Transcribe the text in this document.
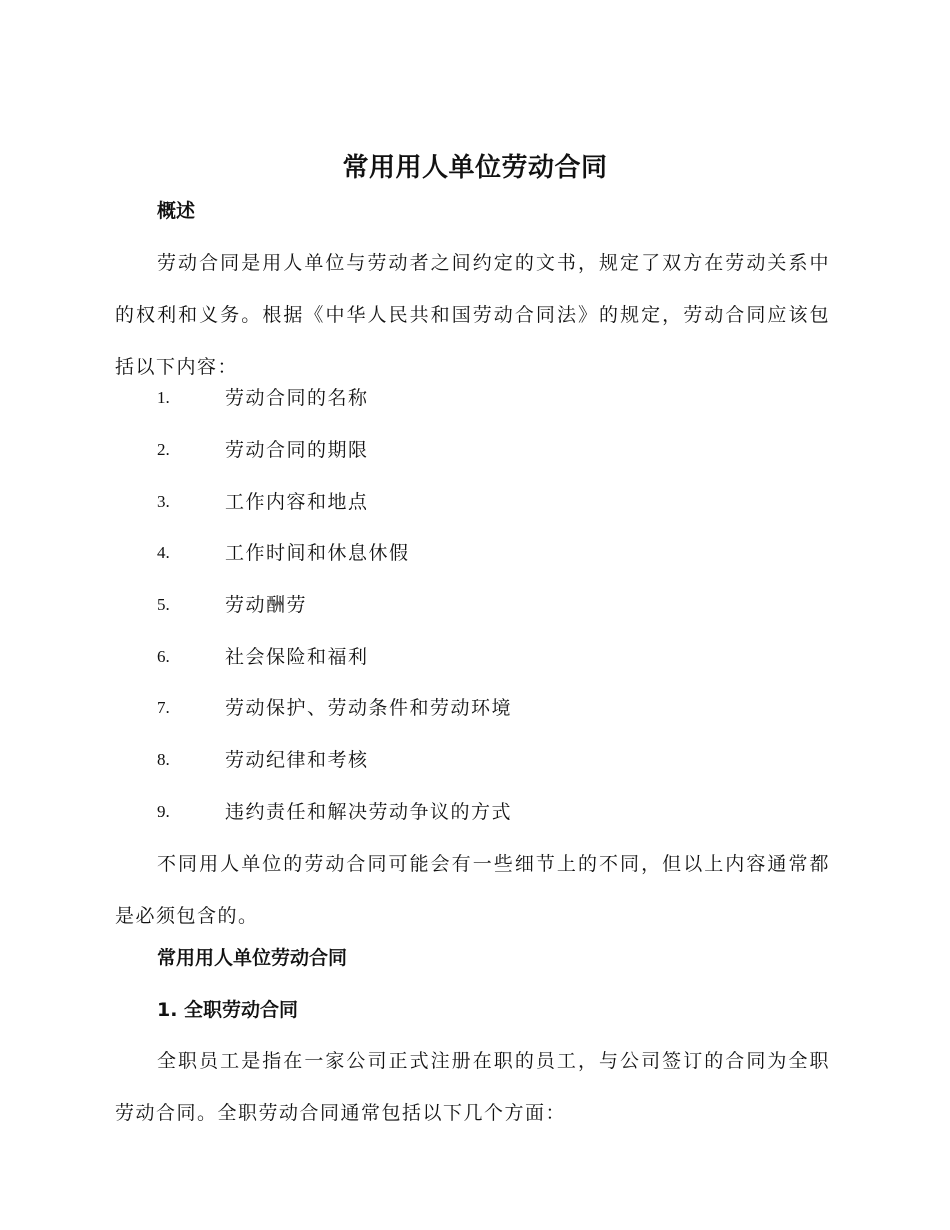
常用用人单位劳动合同
概述

劳动合同是用人单位与劳动者之间约定的文书，规定了双方在劳动关系中的权利和义务。根据《中华人民共和国劳动合同法》的规定，劳动合同应该包括以下内容：

1.	劳动合同的名称
2.	劳动合同的期限
3.	工作内容和地点
4.	工作时间和休息休假
5.	劳动酬劳
6.	社会保险和福利
7.	劳动保护、劳动条件和劳动环境
8.	劳动纪律和考核
9.	违约责任和解决劳动争议的方式

不同用人单位的劳动合同可能会有一些细节上的不同，但以上内容通常都是必须包含的。

常用用人单位劳动合同
1. 全职劳动合同

全职员工是指在一家公司正式注册在职的员工，与公司签订的合同为全职劳动合同。全职劳动合同通常包括以下几个方面：
